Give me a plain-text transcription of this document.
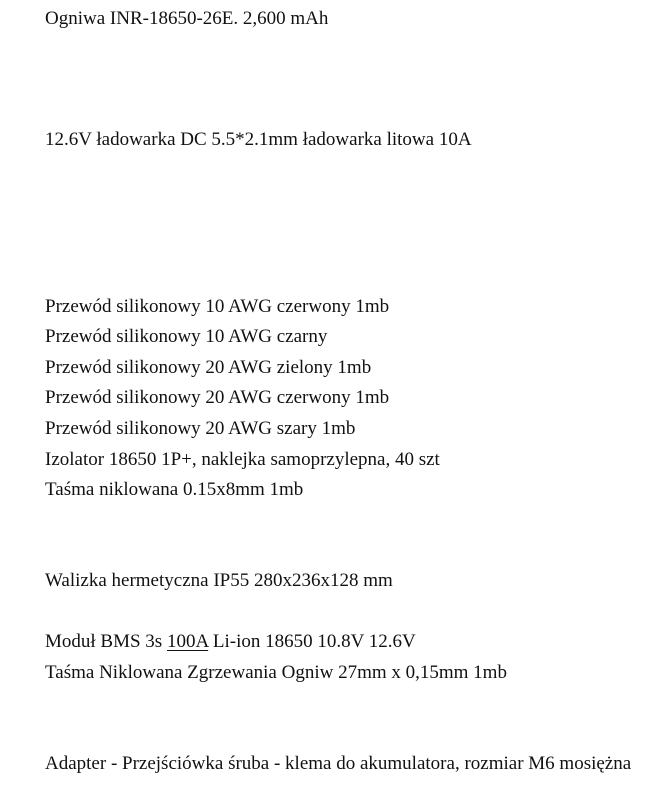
Ogniwa INR-18650-26E. 2,600 mAh

12.6V ładowarka DC 5.5*2.1mm ładowarka litowa 10A

Przewód silikonowy 10 AWG czerwony 1mb

Przewód silikonowy 10 AWG czarny

Przewód silikonowy 20 AWG zielony 1mb

Przewód silikonowy 20 AWG czerwony 1mb

Przewód silikonowy 20 AWG szary 1mb

Izolator 18650 1P+, naklejka samoprzylepna, 40 szt

Taśma niklowana 0.15x8mm 1mb

Walizka hermetyczna IP55 280x236x128 mm

Moduł BMS 3s 100A Li-ion 18650 10.8V 12.6V

Taśma Niklowana Zgrzewania Ogniw 27mm x 0,15mm 1mb

Adapter - Przejściówka śruba - klema do akumulatora, rozmiar M6 mosiężna
